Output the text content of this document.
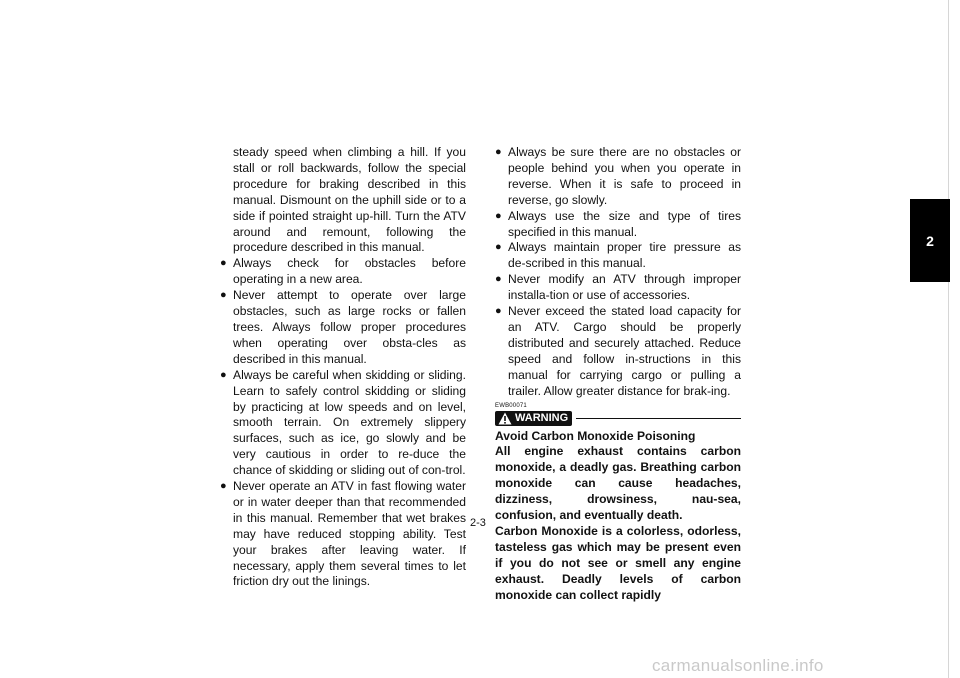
2

steady speed when climbing a hill. If you stall or roll backwards, follow the special procedure for braking described in this manual. Dismount on the uphill side or to a side if pointed straight up-hill. Turn the ATV around and remount, following the procedure described in this manual.

● Always check for obstacles before operating in a new area.
● Never attempt to operate over large obstacles, such as large rocks or fallen trees. Always follow proper procedures when operating over obsta-cles as described in this manual.
● Always be careful when skidding or sliding. Learn to safely control skidding or sliding by practicing at low speeds and on level, smooth terrain. On extremely slippery surfaces, such as ice, go slowly and be very cautious in order to re-duce the chance of skidding or sliding out of con-trol.
● Never operate an ATV in fast flowing water or in water deeper than that recommended in this manual. Remember that wet brakes may have reduced stopping ability. Test your brakes after leaving water. If necessary, apply them several times to let friction dry out the linings.
● Always be sure there are no obstacles or people behind you when you operate in reverse. When it is safe to proceed in reverse, go slowly.
● Always use the size and type of tires specified in this manual.
● Always maintain proper tire pressure as de-scribed in this manual.
● Never modify an ATV through improper installa-tion or use of accessories.
● Never exceed the stated load capacity for an ATV. Cargo should be properly distributed and securely attached. Reduce speed and follow in-structions in this manual for carrying cargo or pulling a trailer. Allow greater distance for brak-ing.
EWB00071
WARNING
Avoid Carbon Monoxide Poisoning

All engine exhaust contains carbon monoxide, a deadly gas. Breathing carbon monoxide can cause headaches, dizziness, drowsiness, nau-sea, confusion, and eventually death.

Carbon Monoxide is a colorless, odorless, tasteless gas which may be present even if you do not see or smell any engine exhaust. Deadly levels of carbon monoxide can collect rapidly

2-3
carmanualsonline.info
